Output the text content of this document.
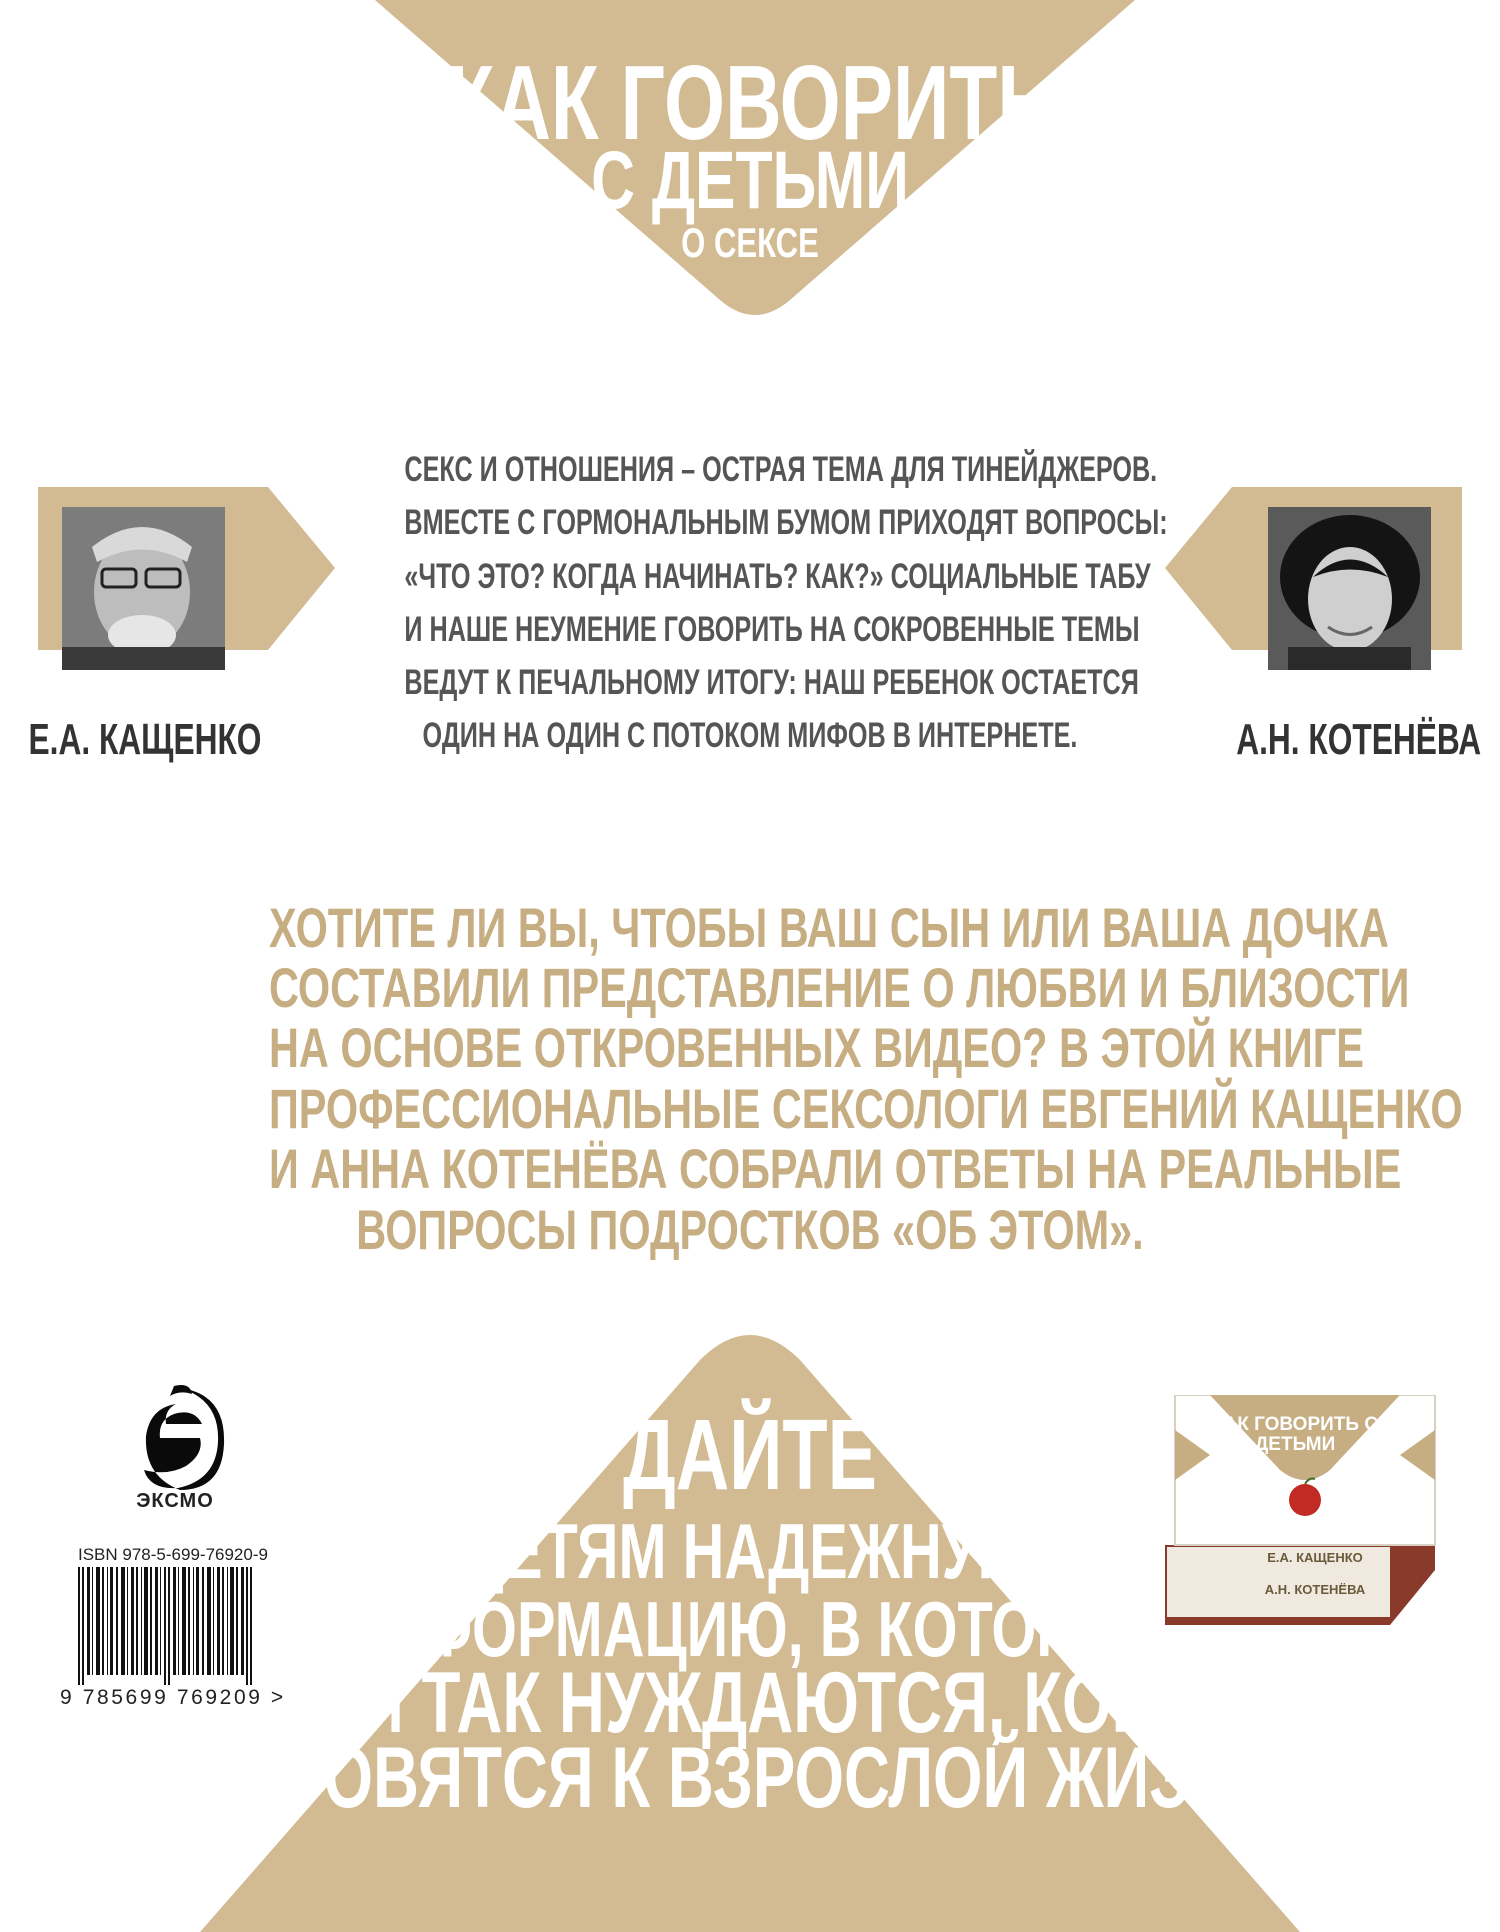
КАК ГОВОРИТЬ
С ДЕТЬМИ
О СЕКСЕ
Е.А. КАЩЕНКО	А.Н. КОТЕНЁВА
СЕКС И ОТНОШЕНИЯ – ОСТРАЯ ТЕМА ДЛЯ ТИНЕЙДЖЕРОВ.
ВМЕСТЕ С ГОРМОНАЛЬНЫМ БУМОМ ПРИХОДЯТ ВОПРОСЫ:
«ЧТО ЭТО? КОГДА НАЧИНАТЬ? КАК?» СОЦИАЛЬНЫЕ ТАБУ
И НАШЕ НЕУМЕНИЕ ГОВОРИТЬ НА СОКРОВЕННЫЕ ТЕМЫ
ВЕДУТ К ПЕЧАЛЬНОМУ ИТОГУ: НАШ РЕБЕНОК ОСТАЕТСЯ
ОДИН НА ОДИН С ПОТОКОМ МИФОВ В ИНТЕРНЕТЕ.
ХОТИТЕ ЛИ ВЫ, ЧТОБЫ ВАШ СЫН ИЛИ ВАША ДОЧКА
СОСТАВИЛИ ПРЕДСТАВЛЕНИЕ О ЛЮБВИ И БЛИЗОСТИ
НА ОСНОВЕ ОТКРОВЕННЫХ ВИДЕО? В ЭТОЙ КНИГЕ
ПРОФЕССИОНАЛЬНЫЕ СЕКСОЛОГИ ЕВГЕНИЙ КАЩЕНКО
И АННА КОТЕНЁВА СОБРАЛИ ОТВЕТЫ НА РЕАЛЬНЫЕ
ВОПРОСЫ ПОДРОСТКОВ «ОБ ЭТОМ».
ДАЙТЕ
ДЕТЯМ НАДЕЖНУЮ
ИНФОРМАЦИЮ, В КОТОРОЙ
ОНИ ТАК НУЖДАЮТСЯ, КОГДА
ГОТОВЯТСЯ К ВЗРОСЛОЙ ЖИЗНИ.
ЭКСМО
ISBN 978-5-699-76920-9
9 785699 769209 >
КАК ГОВОРИТЬ С ДЕТЬМИ
Е.А. КАЩЕНКО
А.Н. КОТЕНЁВА
